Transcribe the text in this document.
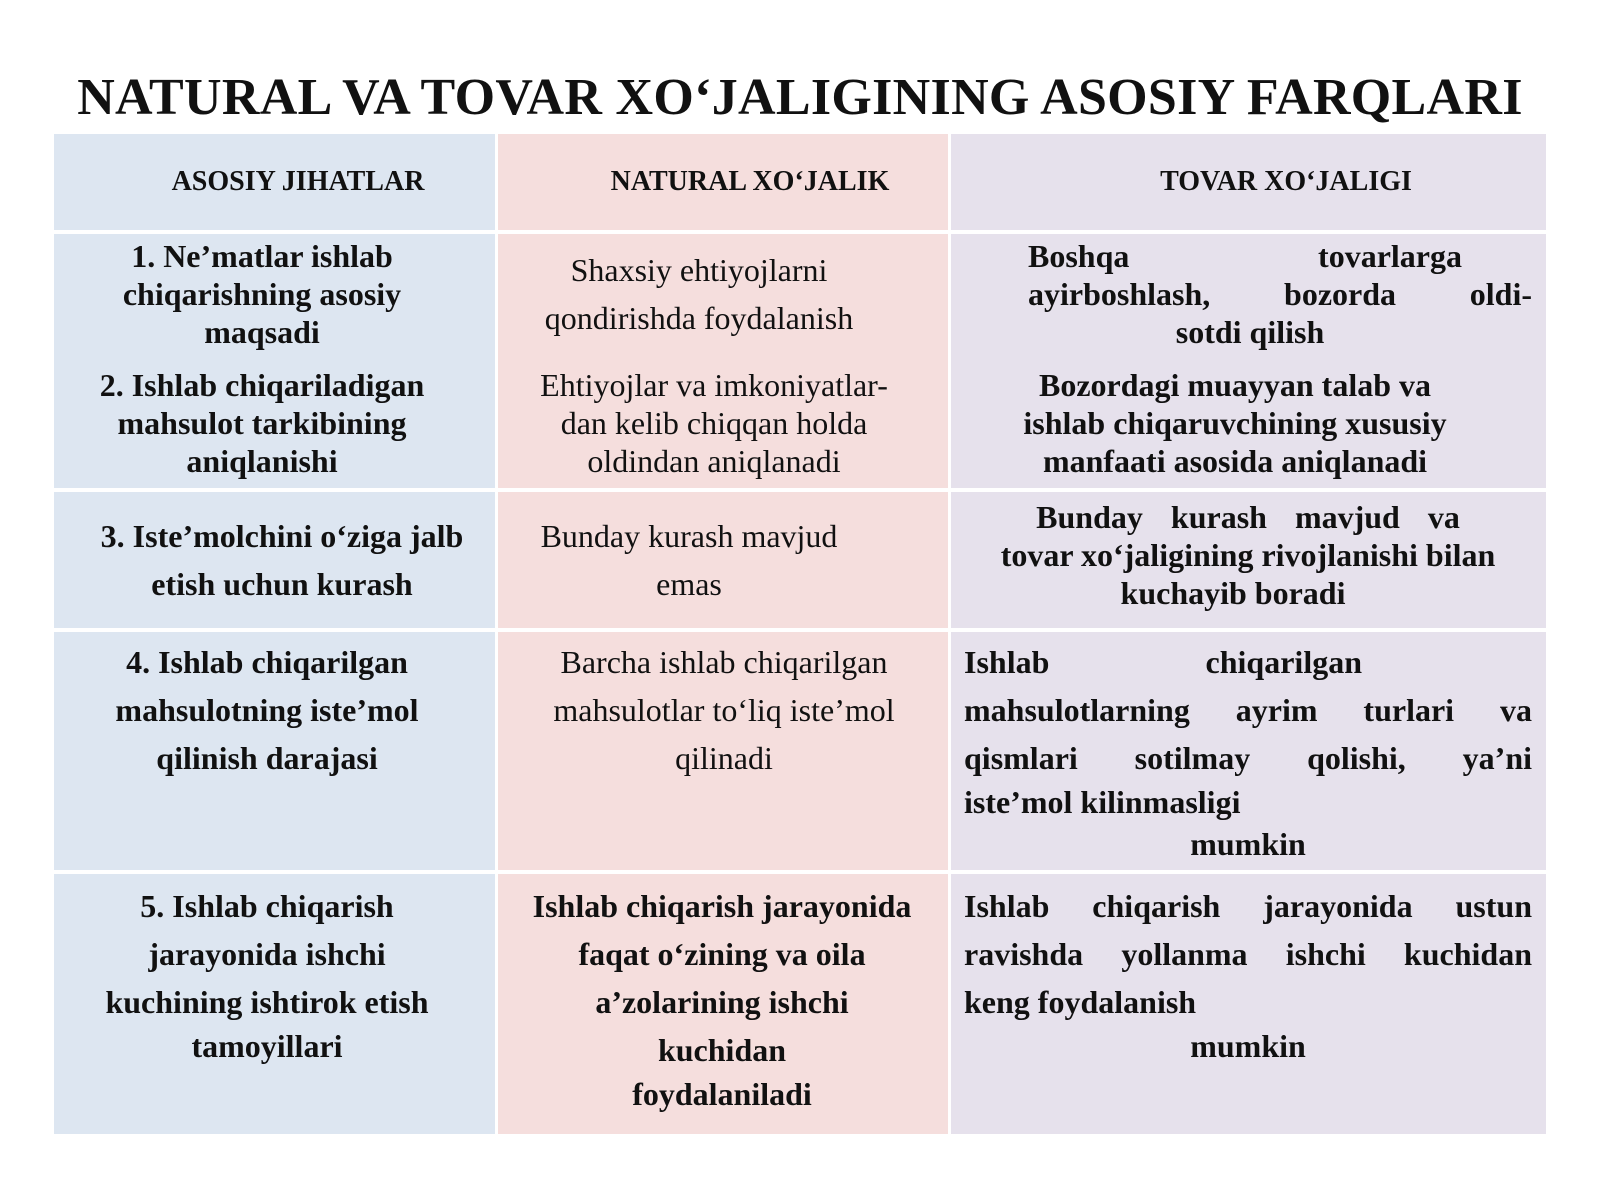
NATURAL VA TOVAR XO‘JALIGINING ASOSIY FARQLARI
ASOSIY JIHATLAR	NATURAL XO‘JALIK	TOVAR XO‘JALIGI
1. Ne’matlar ishlab
chiqarishning asosiy
maqsadi
Shaxsiy ehtiyojlarni
qondirishda foydalanish
Boshqa tovarlarga
ayirboshlash, bozorda oldi-
sotdi qilish
2. Ishlab chiqariladigan
mahsulot tarkibining
aniqlanishi
Ehtiyojlar va imkoniyatlar-
dan kelib chiqqan holda
oldindan aniqlanadi
Bozordagi muayyan talab va
ishlab chiqaruvchining xususiy
manfaati asosida aniqlanadi
3. Iste’molchini o‘ziga jalb
etish uchun kurash
Bunday kurash mavjud
emas
Bunday kurash mavjud va
tovar xo‘jaligining rivojlanishi bilan
kuchayib boradi
4. Ishlab chiqarilgan
mahsulotning iste’mol
qilinish darajasi
Barcha ishlab chiqarilgan
mahsulotlar to‘liq iste’mol
qilinadi
Ishlab chiqarilgan
mahsulotlarning ayrim turlari va
qismlari sotilmay qolishi, ya’ni
iste’mol kilinmasligi
mumkin
5. Ishlab chiqarish
jarayonida ishchi
kuchining ishtirok etish
tamoyillari
Ishlab chiqarish jarayonida
faqat o‘zining va oila
a’zolarining ishchi
kuchidan
foydalaniladi
Ishlab chiqarish jarayonida ustun
ravishda yollanma ishchi kuchidan
keng foydalanish
mumkin
